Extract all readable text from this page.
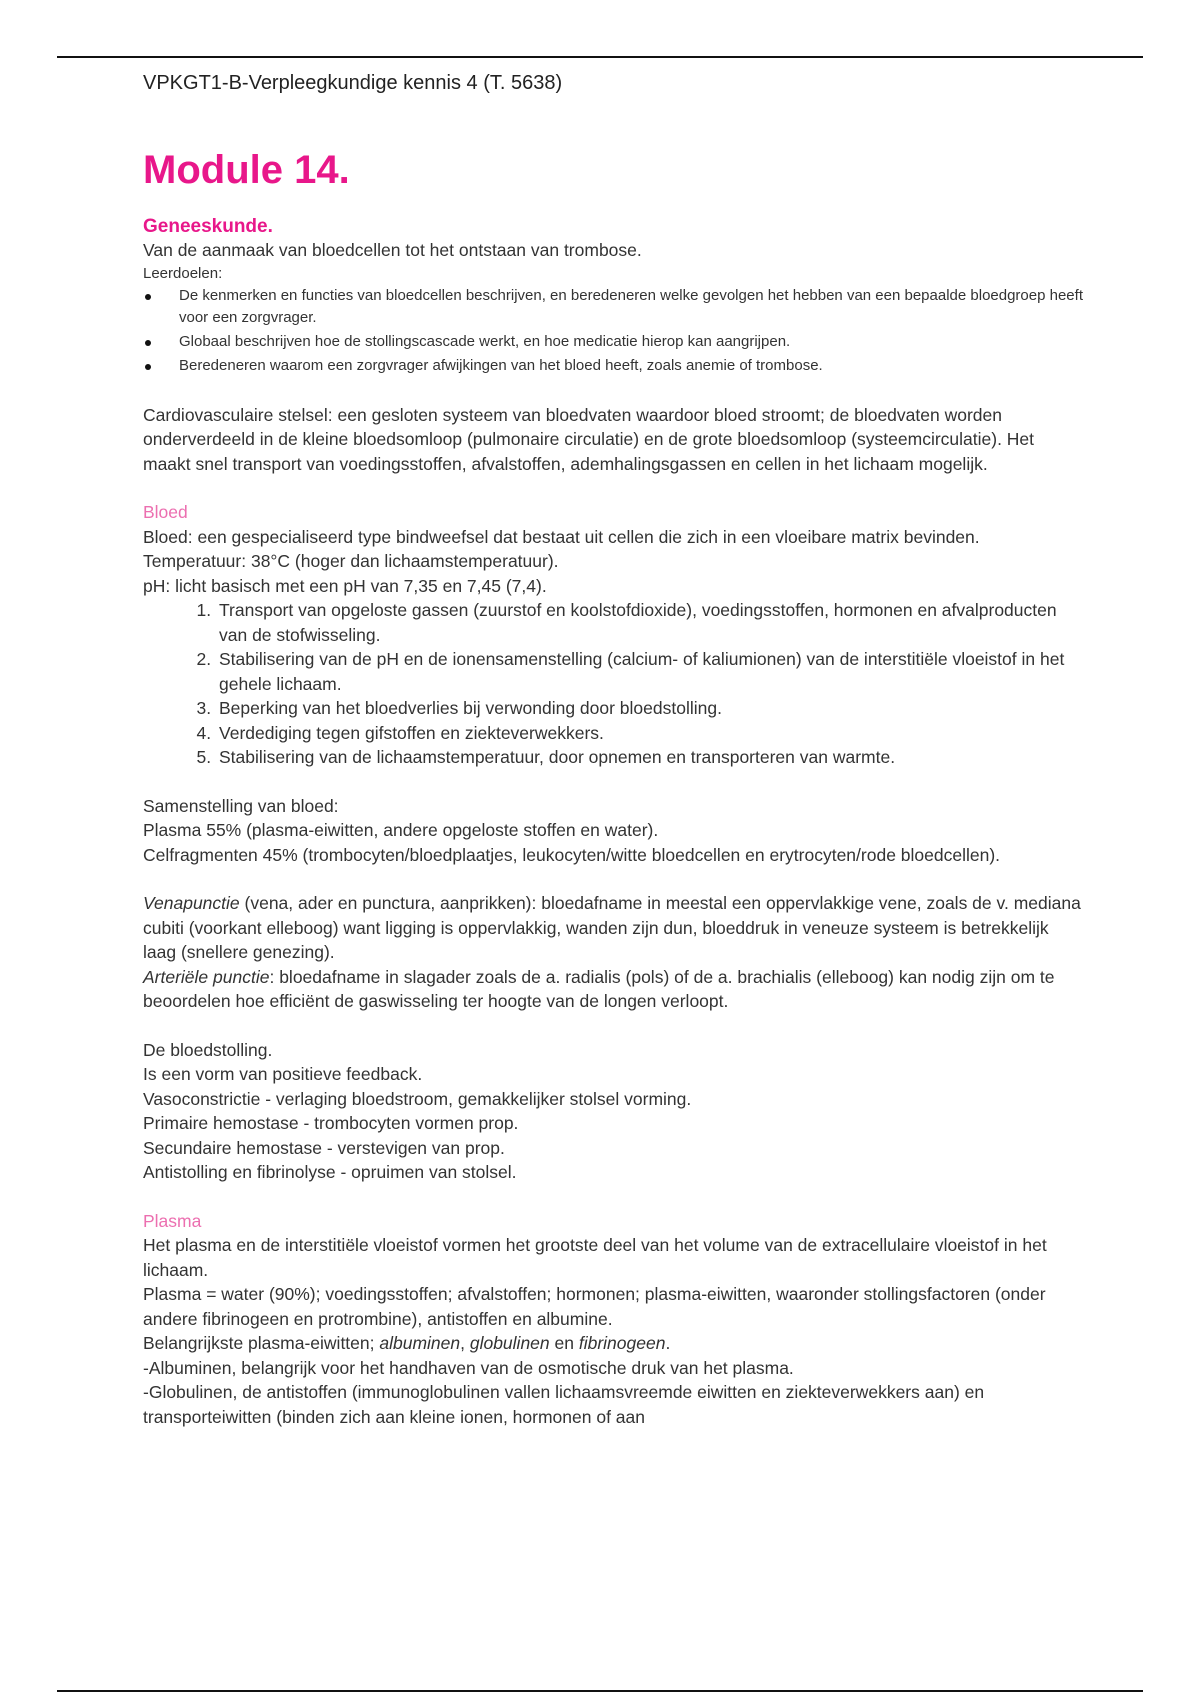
VPKGT1-B-Verpleegkundige kennis 4 (T. 5638)
Module 14.
Geneeskunde.

Van de aanmaak van bloedcellen tot het ontstaan van trombose.

Leerdoelen:

De kenmerken en functies van bloedcellen beschrijven, en beredeneren welke gevolgen het hebben van een bepaalde bloedgroep heeft voor een zorgvrager.
Globaal beschrijven hoe de stollingscascade werkt, en hoe medicatie hierop kan aangrijpen.
Beredeneren waarom een zorgvrager afwijkingen van het bloed heeft, zoals anemie of trombose.

Cardiovasculaire stelsel: een gesloten systeem van bloedvaten waardoor bloed stroomt; de bloedvaten worden onderverdeeld in de kleine bloedsomloop (pulmonaire circulatie) en de grote bloedsomloop (systeemcirculatie). Het maakt snel transport van voedingsstoffen, afvalstoffen, ademhalingsgassen en cellen in het lichaam mogelijk.

Bloed

Bloed: een gespecialiseerd type bindweefsel dat bestaat uit cellen die zich in een vloeibare matrix bevinden.

Temperatuur: 38°C (hoger dan lichaamstemperatuur).

pH: licht basisch met een pH van 7,35 en 7,45 (7,4).

1. Transport van opgeloste gassen (zuurstof en koolstofdioxide), voedingsstoffen, hormonen en afvalproducten van de stofwisseling.
2. Stabilisering van de pH en de ionensamenstelling (calcium- of kaliumionen) van de interstitiële vloeistof in het gehele lichaam.
3. Beperking van het bloedverlies bij verwonding door bloedstolling.
4. Verdediging tegen gifstoffen en ziekteverwekkers.
5. Stabilisering van de lichaamstemperatuur, door opnemen en transporteren van warmte.

Samenstelling van bloed:

Plasma 55% (plasma-eiwitten, andere opgeloste stoffen en water).

Celfragmenten 45% (trombocyten/bloedplaatjes, leukocyten/witte bloedcellen en erytrocyten/rode bloedcellen).

Venapunctie (vena, ader en punctura, aanprikken): bloedafname in meestal een oppervlakkige vene, zoals de v. mediana cubiti (voorkant elleboog) want ligging is oppervlakkig, wanden zijn dun, bloeddruk in veneuze systeem is betrekkelijk laag (snellere genezing).

Arteriële punctie: bloedafname in slagader zoals de a. radialis (pols) of de a. brachialis (elleboog) kan nodig zijn om te beoordelen hoe efficiënt de gaswisseling ter hoogte van de longen verloopt.

De bloedstolling.

Is een vorm van positieve feedback.

Vasoconstrictie - verlaging bloedstroom, gemakkelijker stolsel vorming.

Primaire hemostase - trombocyten vormen prop.

Secundaire hemostase - verstevigen van prop.

Antistolling en fibrinolyse - opruimen van stolsel.

Plasma

Het plasma en de interstitiële vloeistof vormen het grootste deel van het volume van de extracellulaire vloeistof in het lichaam.

Plasma = water (90%); voedingsstoffen; afvalstoffen; hormonen; plasma-eiwitten, waaronder stollingsfactoren (onder andere fibrinogeen en protrombine), antistoffen en albumine.

Belangrijkste plasma-eiwitten; albuminen, globulinen en fibrinogeen.

-Albuminen, belangrijk voor het handhaven van de osmotische druk van het plasma.

-Globulinen, de antistoffen (immunoglobulinen vallen lichaamsvreemde eiwitten en ziekteverwekkers aan) en transporteiwitten (binden zich aan kleine ionen, hormonen of aan
